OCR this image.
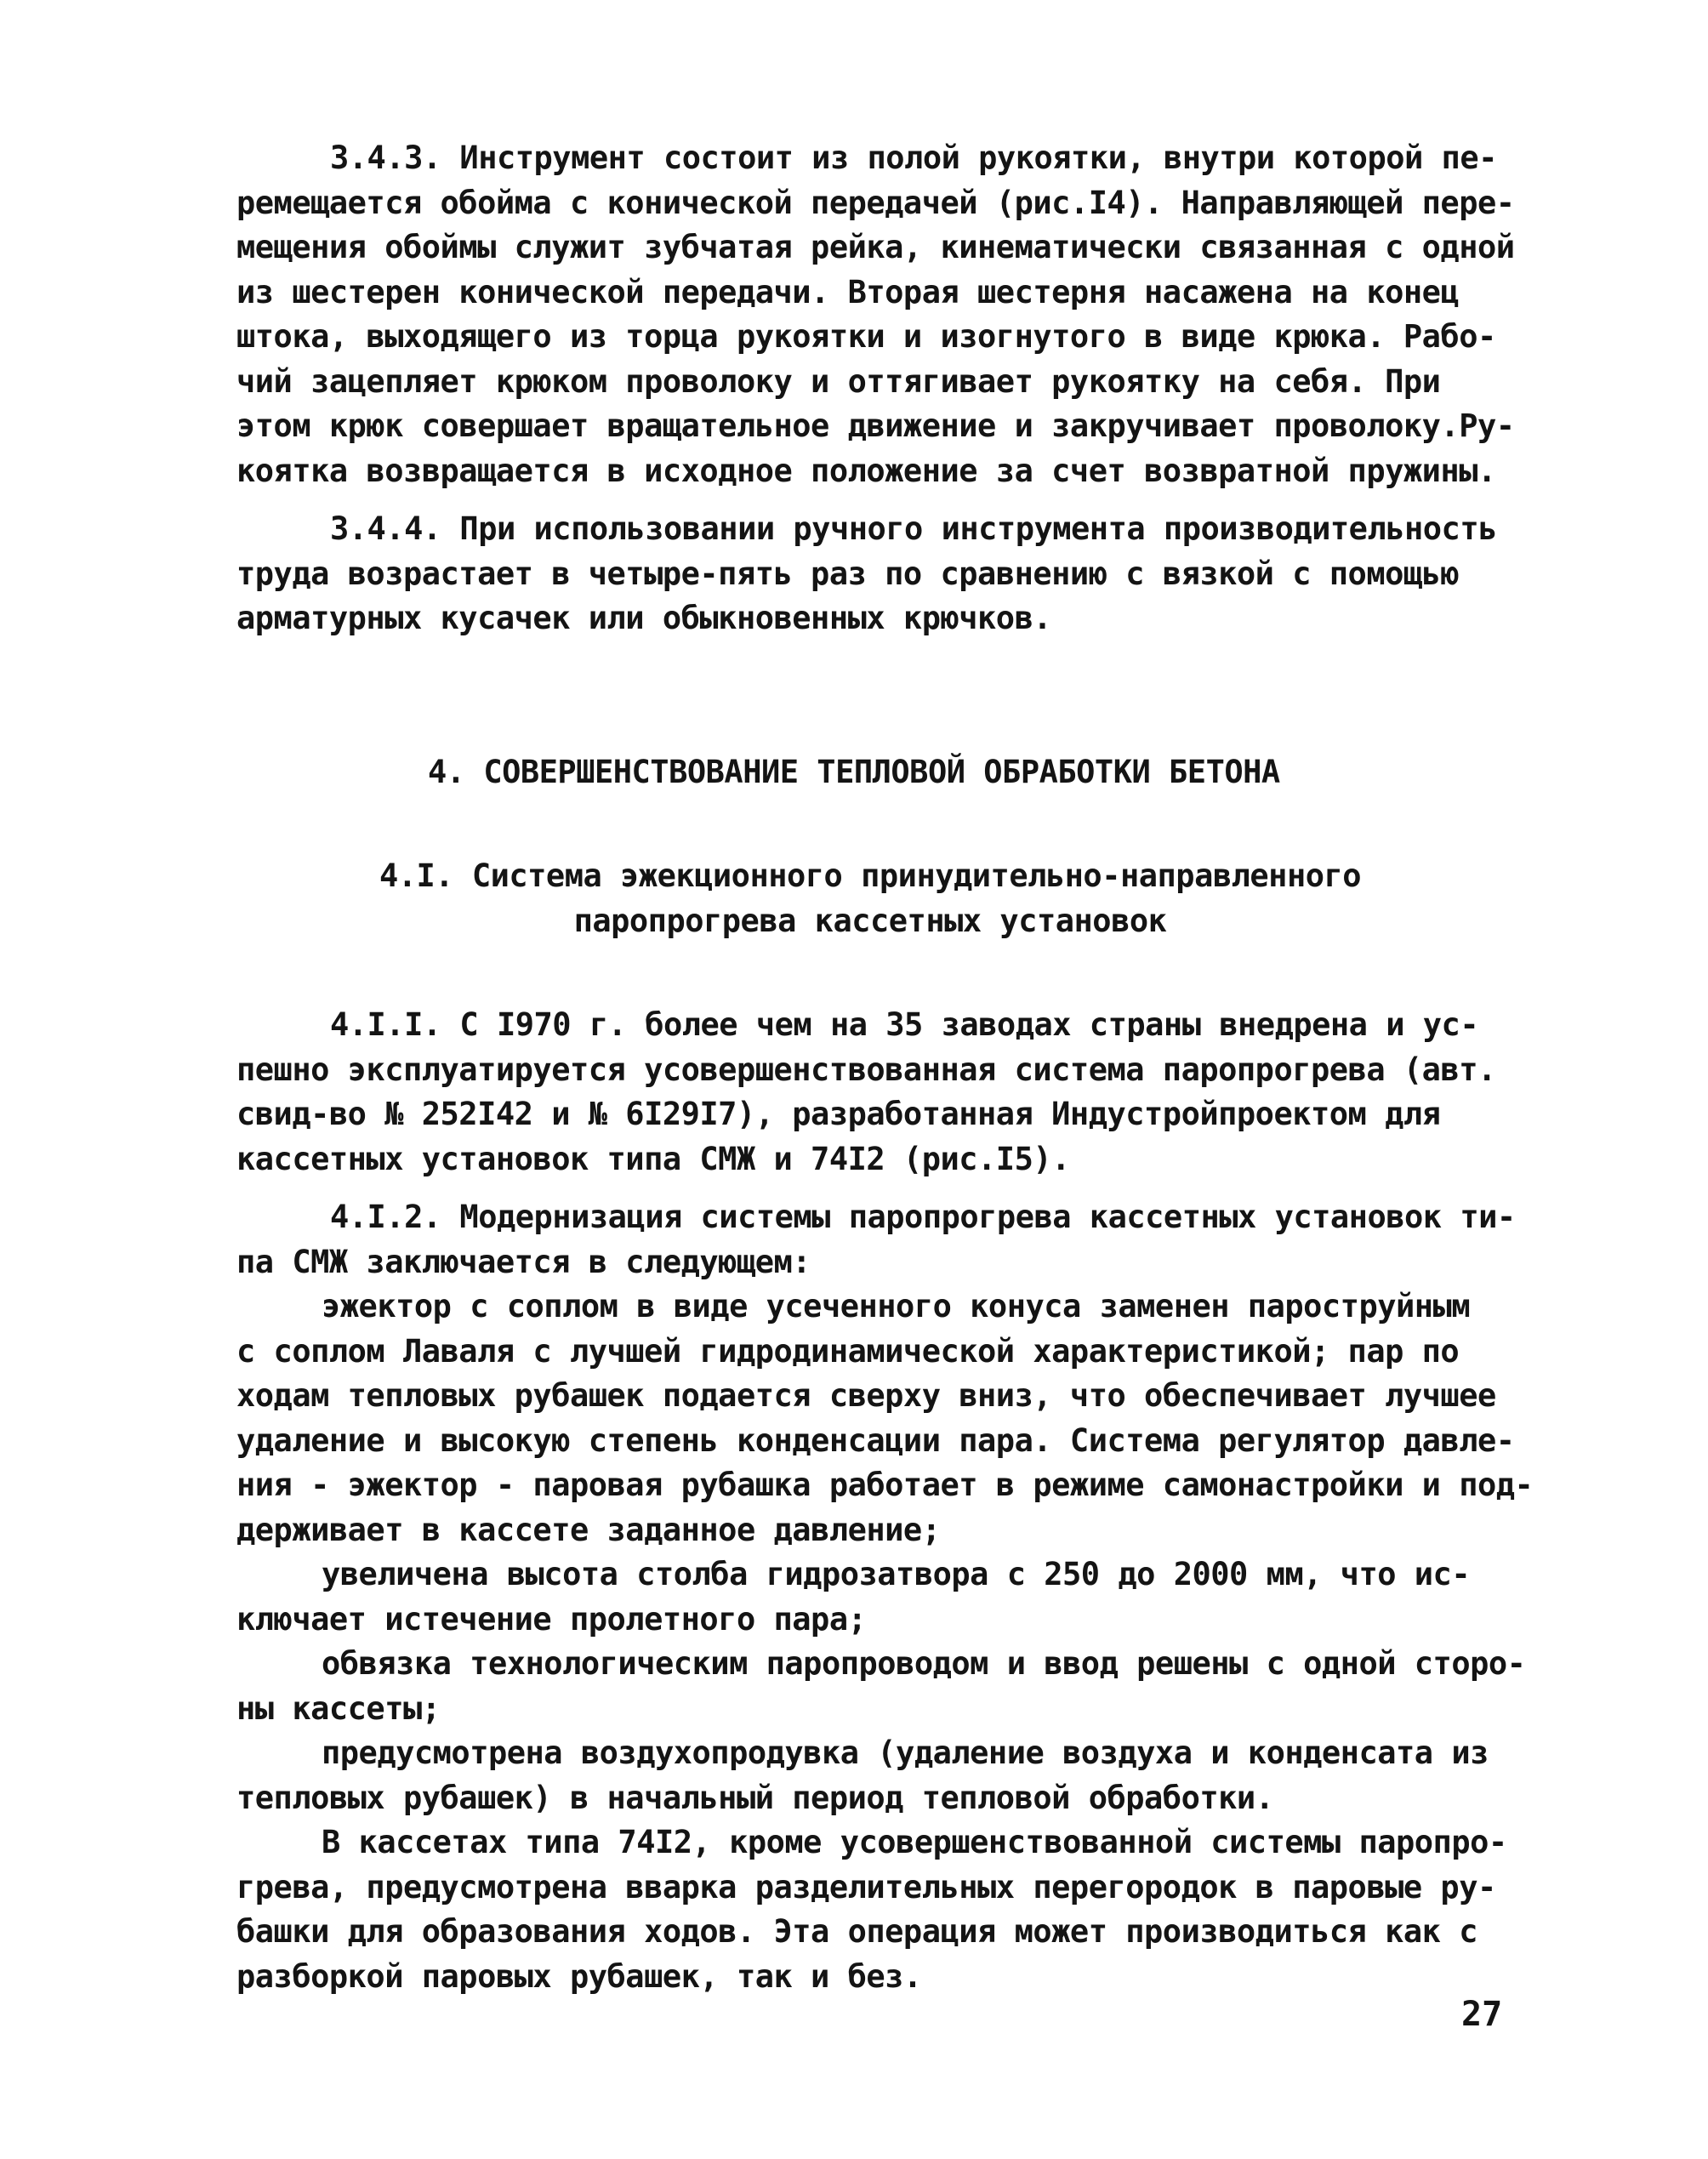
3.4.3. Инструмент состоит из полой рукоятки, внутри которой пе-
ремещается обойма с конической передачей (рис.I4). Направляющей пере-
мещения обоймы служит зубчатая рейка, кинематически связанная с одной
из шестерен конической передачи. Вторая шестерня насажена на конец
штока, выходящего из торца рукоятки и изогнутого в виде крюка. Рабо-
чий зацепляет крюком проволоку и оттягивает рукоятку на себя. При
этом крюк совершает вращательное движение и закручивает проволоку.Ру-
коятка возвращается в исходное положение за счет возвратной пружины.
3.4.4. При использовании ручного инструмента производительность
труда возрастает в четыре-пять раз по сравнению с вязкой с помощью
арматурных кусачек или обыкновенных крючков.
4. СОВЕРШЕНСТВОВАНИЕ ТЕПЛОВОЙ ОБРАБОТКИ БЕТОНА
4.I. Система эжекционного принудительно-направленного
паропрогрева кассетных установок
4.I.I. С I970 г. более чем на 35 заводах страны внедрена и ус-
пешно эксплуатируется усовершенствованная система паропрогрева (авт.
свид-во № 252I42 и № 6I29I7), разработанная Индустройпроектом для
кассетных установок типа СМЖ и 74I2 (рис.I5).
4.I.2. Модернизация системы паропрогрева кассетных установок ти-
па СМЖ заключается в следующем:
эжектор с соплом в виде усеченного конуса заменен пароструйным
с соплом Лаваля с лучшей гидродинамической характеристикой; пар по
ходам тепловых рубашек подается сверху вниз, что обеспечивает лучшее
удаление и высокую степень конденсации пара. Система регулятор давле-
ния - эжектор - паровая рубашка работает в режиме самонастройки и под-
держивает в кассете заданное давление;
увеличена высота столба гидрозатвора с 250 до 2000 мм, что ис-
ключает истечение пролетного пара;
обвязка технологическим паропроводом и ввод решены с одной сторо-
ны кассеты;
предусмотрена воздухопродувка (удаление воздуха и конденсата из
тепловых рубашек) в начальный период тепловой обработки.
В кассетах типа 74I2, кроме усовершенствованной системы паропро-
грева, предусмотрена вварка разделительных перегородок в паровые ру-
башки для образования ходов. Эта операция может производиться как с
разборкой паровых рубашек, так и без.
27
